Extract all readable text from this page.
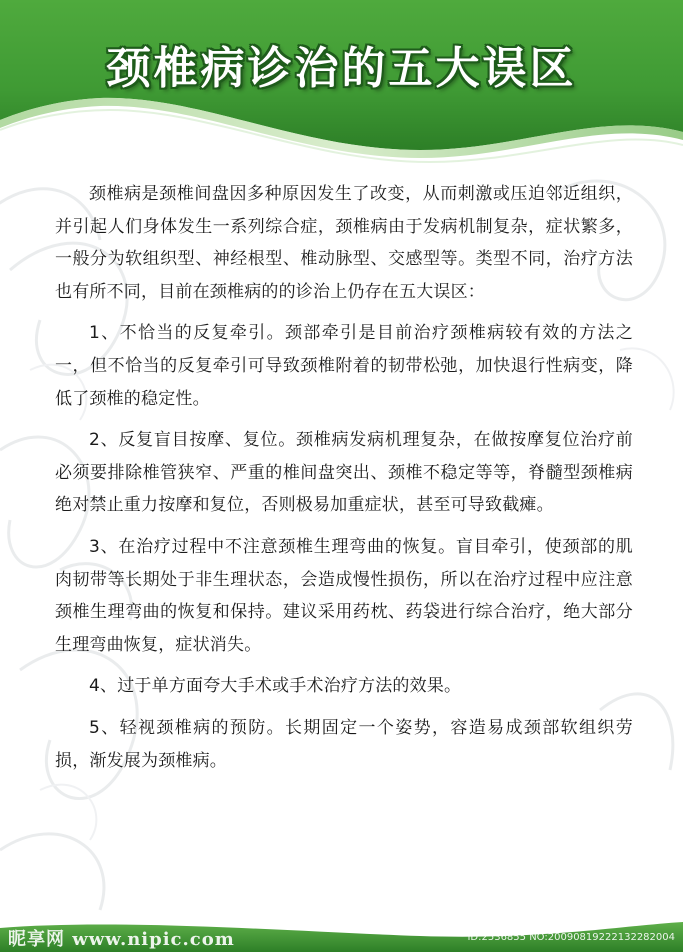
颈椎病诊治的五大误区

颈椎病是颈椎间盘因多种原因发生了改变，从而刺激或压迫邻近组织，并引起人们身体发生一系列综合症，颈椎病由于发病机制复杂，症状繁多，一般分为软组织型、神经根型、椎动脉型、交感型等。类型不同，治疗方法也有所不同，目前在颈椎病的的诊治上仍存在五大误区：

1、不恰当的反复牵引。颈部牵引是目前治疗颈椎病较有效的方法之一，但不恰当的反复牵引可导致颈椎附着的韧带松弛，加快退行性病变，降低了颈椎的稳定性。

2、反复盲目按摩、复位。颈椎病发病机理复杂，在做按摩复位治疗前必须要排除椎管狭窄、严重的椎间盘突出、颈椎不稳定等等，脊髓型颈椎病绝对禁止重力按摩和复位，否则极易加重症状，甚至可导致截瘫。

3、在治疗过程中不注意颈椎生理弯曲的恢复。盲目牵引，使颈部的肌肉韧带等长期处于非生理状态，会造成慢性损伤，所以在治疗过程中应注意颈椎生理弯曲的恢复和保持。建议采用药枕、药袋进行综合治疗，绝大部分生理弯曲恢复，症状消失。

4、过于单方面夸大手术或手术治疗方法的效果。

5、轻视颈椎病的预防。长期固定一个姿势，容造易成颈部软组织劳损，渐发展为颈椎病。

昵享网 www.nipic.com	ID:2536855 NO:20090819222132282004
